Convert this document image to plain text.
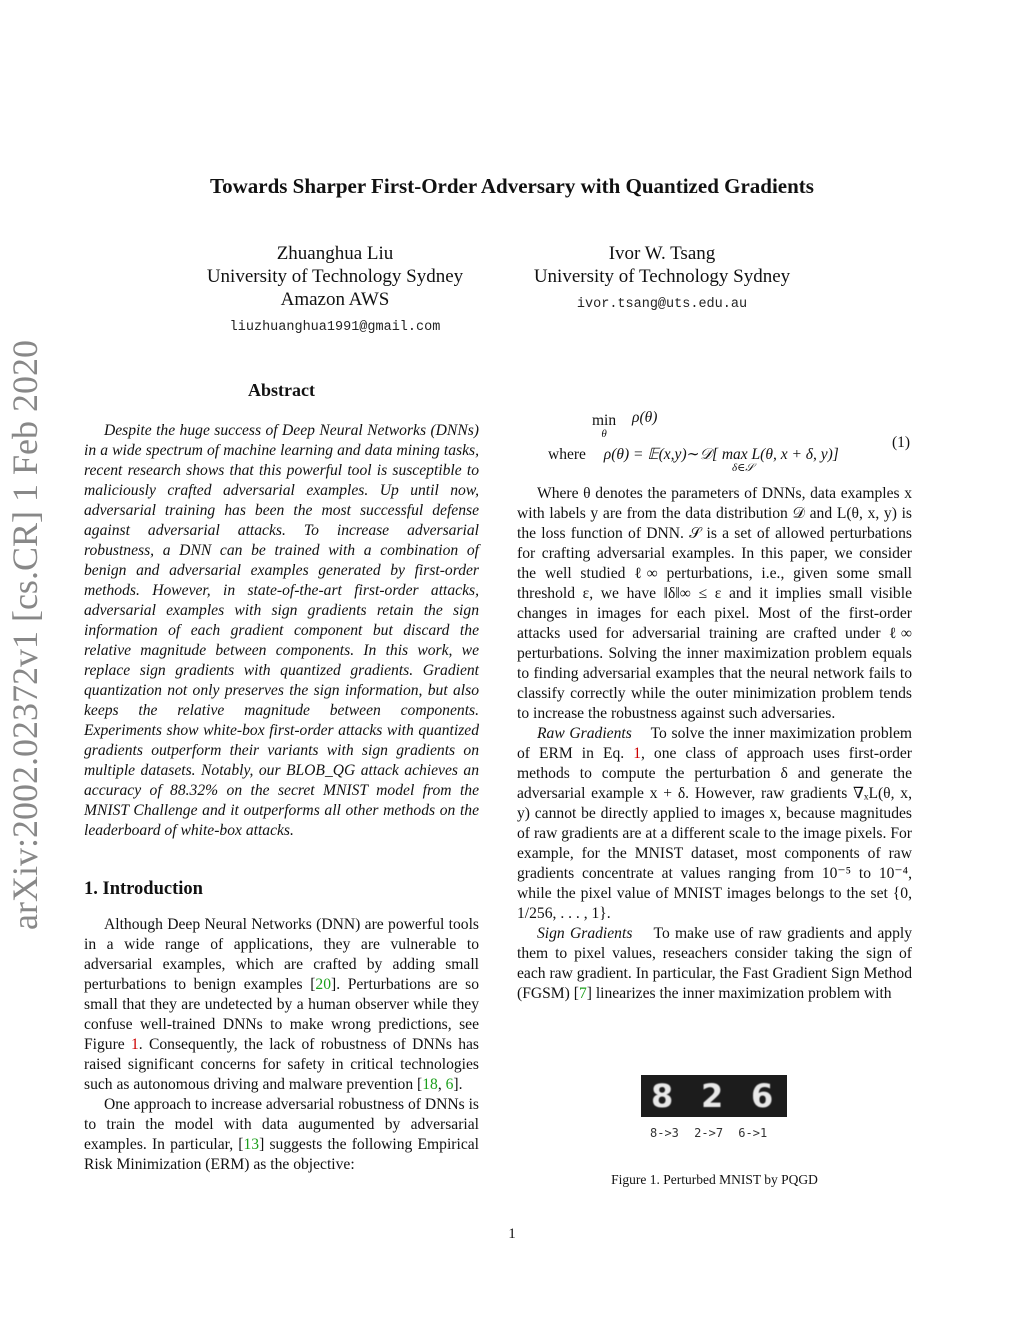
arXiv:2002.02372v1 [cs.CR] 1 Feb 2020
Towards Sharper First-Order Adversary with Quantized Gradients
Zhuanghua Liu
University of Technology Sydney
Amazon AWS
liuzhuanghua1991@gmail.com
Ivor W. Tsang
University of Technology Sydney
ivor.tsang@uts.edu.au
Abstract

Despite the huge success of Deep Neural Networks (DNNs) in a wide spectrum of machine learning and data mining tasks, recent research shows that this powerful tool is susceptible to maliciously crafted adversarial examples. Up until now, adversarial training has been the most successful defense against adversarial attacks. To increase adversarial robustness, a DNN can be trained with a combination of benign and adversarial examples generated by first-order methods. However, in state-of-the-art first-order attacks, adversarial examples with sign gradients retain the sign information of each gradient component but discard the relative magnitude between components. In this work, we replace sign gradients with quantized gradients. Gradient quantization not only preserves the sign information, but also keeps the relative magnitude between components. Experiments show white-box first-order attacks with quantized gradients outperform their variants with sign gradients on multiple datasets. Notably, our BLOB_QG attack achieves an accuracy of 88.32% on the secret MNIST model from the MNIST Challenge and it outperforms all other methods on the leaderboard of white-box attacks.

1. Introduction

Although Deep Neural Networks (DNN) are powerful tools in a wide range of applications, they are vulnerable to adversarial examples, which are crafted by adding small perturbations to benign examples [20]. Perturbations are so small that they are undetected by a human observer while they confuse well-trained DNNs to make wrong predictions, see Figure 1. Consequently, the lack of robustness of DNNs has raised significant concerns for safety in critical technologies such as autonomous driving and malware prevention [18, 6].

One approach to increase adversarial robustness of DNNs is to train the model with data augumented by adversarial examples. In particular, [13] suggests the following Empirical Risk Minimization (ERM) as the objective:

min
$^\theta$ ρ(θ)
where ρ(θ) = 𝔼(x,y)∼𝒟[ max L(θ, x + δ, y)]
δ∈𝒮
(1)

Where θ denotes the parameters of DNNs, data examples x with labels y are from the data distribution 𝒟 and L(θ, x, y) is the loss function of DNN. 𝒮 is a set of allowed perturbations for crafting adversarial examples. In this paper, we consider the well studied ℓ∞ perturbations, i.e., given some small threshold ε, we have ‖δ‖∞ ≤ ε and it implies small visible changes in images for each pixel. Most of the first-order attacks used for adversarial training are crafted under ℓ∞ perturbations. Solving the inner maximization problem equals to finding adversarial examples that the neural network fails to classify correctly while the outer minimization problem tends to increase the robustness against such adversaries.

Raw Gradients To solve the inner maximization problem of ERM in Eq. 1, one class of approach uses first-order methods to compute the perturbation δ and generate the adversarial example x + δ. However, raw gradients ∇ₓL(θ, x, y) cannot be directly applied to images x, because magnitudes of raw gradients are at a different scale to the image pixels. For example, for the MNIST dataset, most components of raw gradients concentrate at values ranging from 10⁻⁵ to 10⁻⁴, while the pixel value of MNIST images belongs to the set {0, 1/256, . . . , 1}.

Sign Gradients To make use of raw gradients and apply them to pixel values, reseachers consider taking the sign of each raw gradient. In particular, the Fast Gradient Sign Method (FGSM) [7] linearizes the inner maximization problem with

8 2 6
8->3 2->7 6->1
Figure 1. Perturbed MNIST by PQGD
1
